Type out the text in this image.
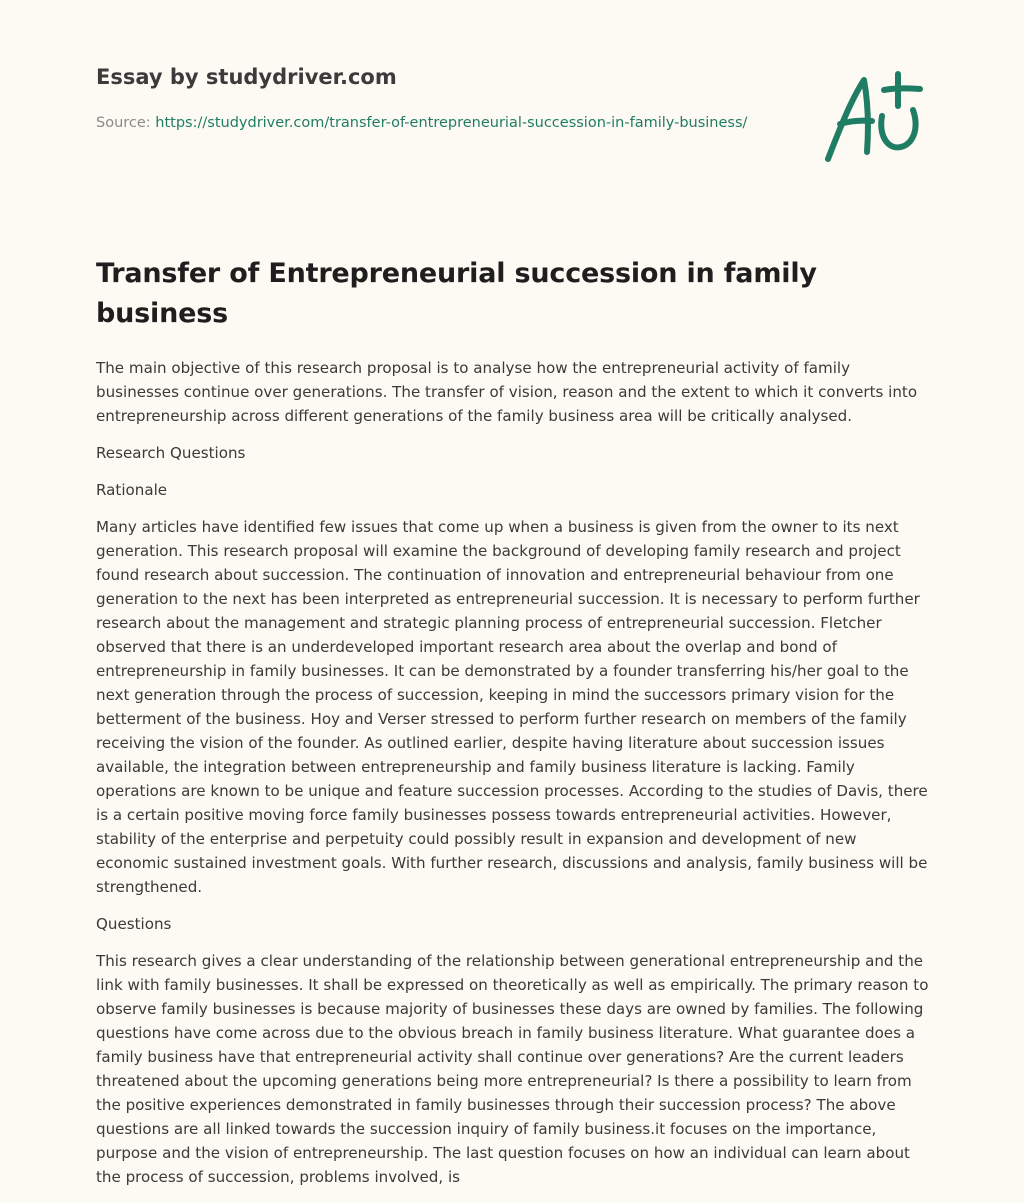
Essay by studydriver.com
Source: https://studydriver.com/transfer-of-entrepreneurial-succession-in-family-business/
Transfer of Entrepreneurial succession in family business

The main objective of this research proposal is to analyse how the entrepreneurial activity of family businesses continue over generations. The transfer of vision, reason and the extent to which it converts into entrepreneurship across different generations of the family business area will be critically analysed.

Research Questions

Rationale

Many articles have identified few issues that come up when a business is given from the owner to its next generation. This research proposal will examine the background of developing family research and project found research about succession. The continuation of innovation and entrepreneurial behaviour from one generation to the next has been interpreted as entrepreneurial succession. It is necessary to perform further research about the management and strategic planning process of entrepreneurial succession. Fletcher observed that there is an underdeveloped important research area about the overlap and bond of entrepreneurship in family businesses. It can be demonstrated by a founder transferring his/her goal to the next generation through the process of succession, keeping in mind the successors primary vision for the betterment of the business. Hoy and Verser stressed to perform further research on members of the family receiving the vision of the founder. As outlined earlier, despite having literature about succession issues available, the integration between entrepreneurship and family business literature is lacking. Family operations are known to be unique and feature succession processes. According to the studies of Davis, there is a certain positive moving force family businesses possess towards entrepreneurial activities. However, stability of the enterprise and perpetuity could possibly result in expansion and development of new economic sustained investment goals. With further research, discussions and analysis, family business will be strengthened.

Questions

This research gives a clear understanding of the relationship between generational entrepreneurship and the link with family businesses. It shall be expressed on theoretically as well as empirically. The primary reason to observe family businesses is because majority of businesses these days are owned by families. The following questions have come across due to the obvious breach in family business literature. What guarantee does a family business have that entrepreneurial activity shall continue over generations? Are the current leaders threatened about the upcoming generations being more entrepreneurial? Is there a possibility to learn from the positive experiences demonstrated in family businesses through their succession process? The above questions are all linked towards the succession inquiry of family business.it focuses on the importance, purpose and the vision of entrepreneurship. The last question focuses on how an individual can learn about the process of succession, problems involved, is
